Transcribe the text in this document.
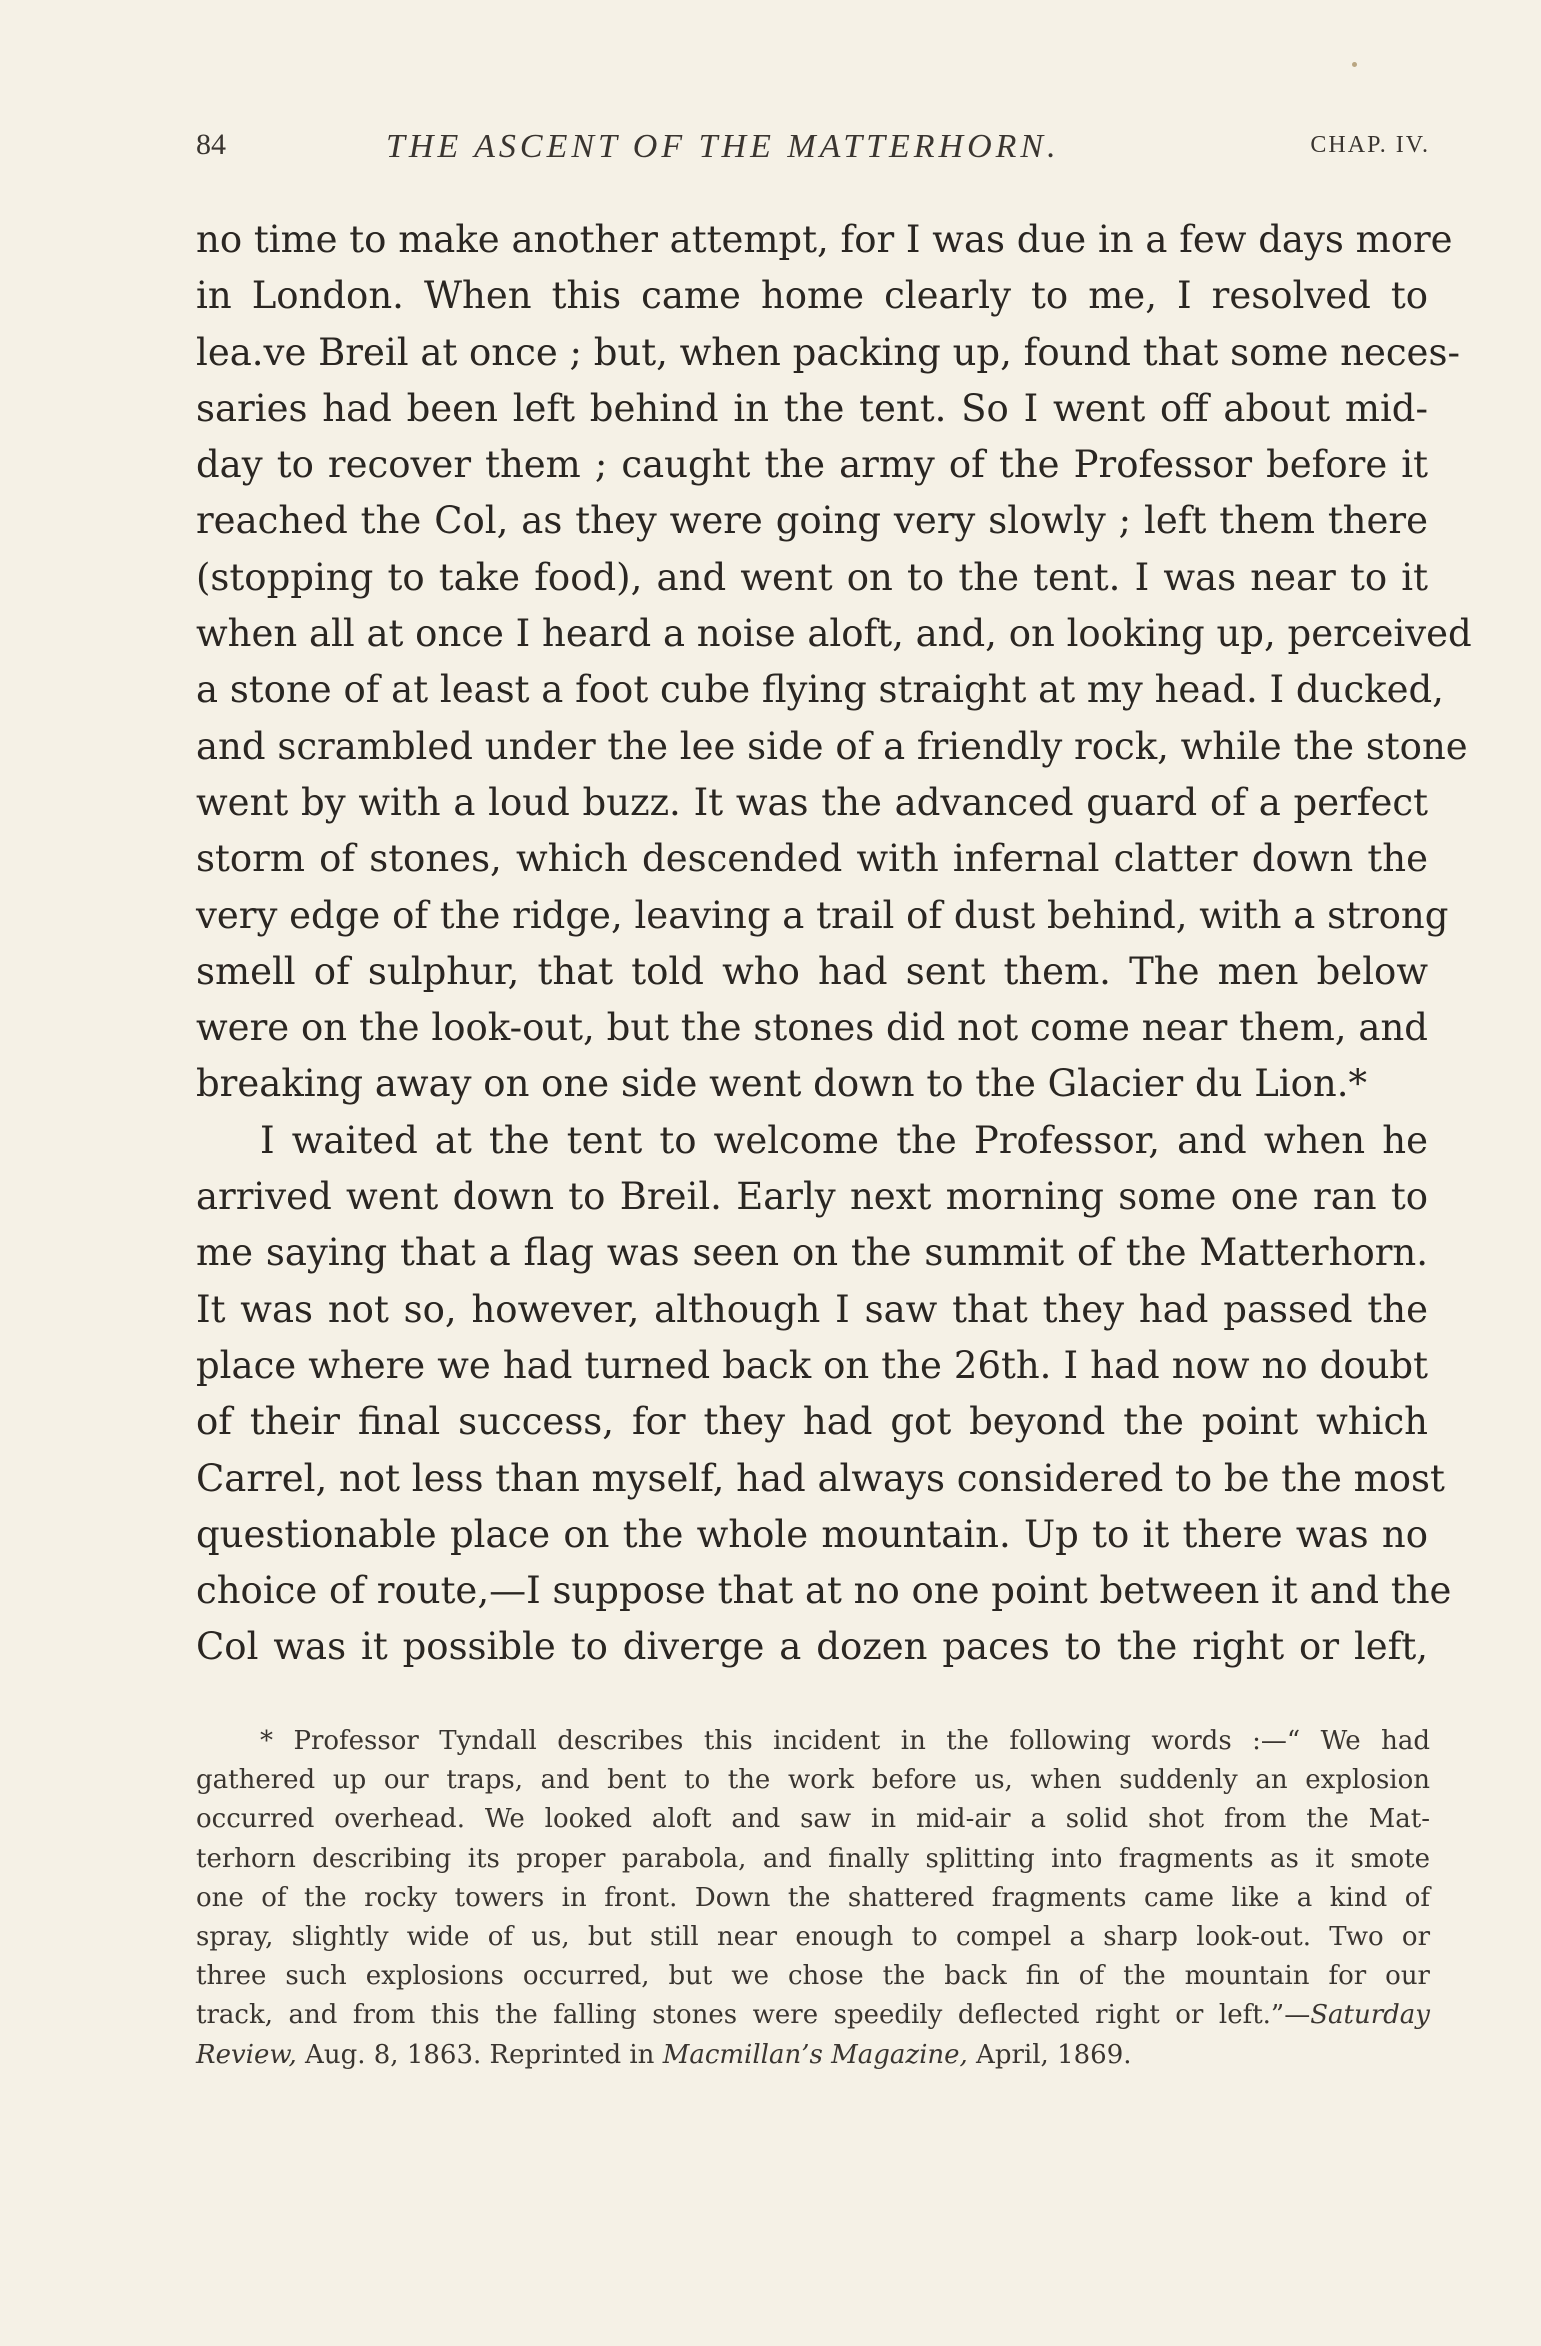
84	THE ASCENT OF THE MATTERHORN.	CHAP. IV.
no time to make another attempt, for I was due in a few days more
in London. When this came home clearly to me, I resolved to
lea.ve Breil at once ; but, when packing up, found that some neces-
saries had been left behind in the tent. So I went off about mid-
day to recover them ; caught the army of the Professor before it
reached the Col, as they were going very slowly ; left them there
(stopping to take food), and went on to the tent. I was near to it
when all at once I heard a noise aloft, and, on looking up, perceived
a stone of at least a foot cube flying straight at my head. I ducked,
and scrambled under the lee side of a friendly rock, while the stone
went by with a loud buzz. It was the advanced guard of a perfect
storm of stones, which descended with infernal clatter down the
very edge of the ridge, leaving a trail of dust behind, with a strong
smell of sulphur, that told who had sent them. The men below
were on the look-out, but the stones did not come near them, and
breaking away on one side went down to the Glacier du Lion.*
I waited at the tent to welcome the Professor, and when he
arrived went down to Breil. Early next morning some one ran to
me saying that a flag was seen on the summit of the Matterhorn.
It was not so, however, although I saw that they had passed the
place where we had turned back on the 26th. I had now no doubt
of their final success, for they had got beyond the point which
Carrel, not less than myself, had always considered to be the most
questionable place on the whole mountain. Up to it there was no
choice of route,—I suppose that at no one point between it and the
Col was it possible to diverge a dozen paces to the right or left,
* Professor Tyndall describes this incident in the following words :—“ We had
gathered up our traps, and bent to the work before us, when suddenly an explosion
occurred overhead. We looked aloft and saw in mid-air a solid shot from the Mat-
terhorn describing its proper parabola, and finally splitting into fragments as it smote
one of the rocky towers in front. Down the shattered fragments came like a kind of
spray, slightly wide of us, but still near enough to compel a sharp look-out. Two or
three such explosions occurred, but we chose the back fin of the mountain for our
track, and from this the falling stones were speedily deflected right or left.”—Saturday
Review, Aug. 8, 1863. Reprinted in Macmillan’s Magazine, April, 1869.
